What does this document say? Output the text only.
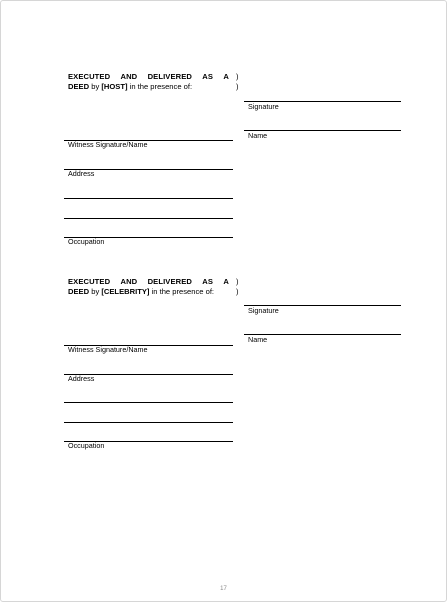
EXECUTED AND DELIVERED AS A
DEED by [HOST] in the presence of:
)
)
Signature
Name
Witness Signature/Name
Address
Occupation
EXECUTED AND DELIVERED AS A
DEED by [CELEBRITY] in the presence of:
)
)
Signature
Name
Witness Signature/Name
Address
Occupation
17
